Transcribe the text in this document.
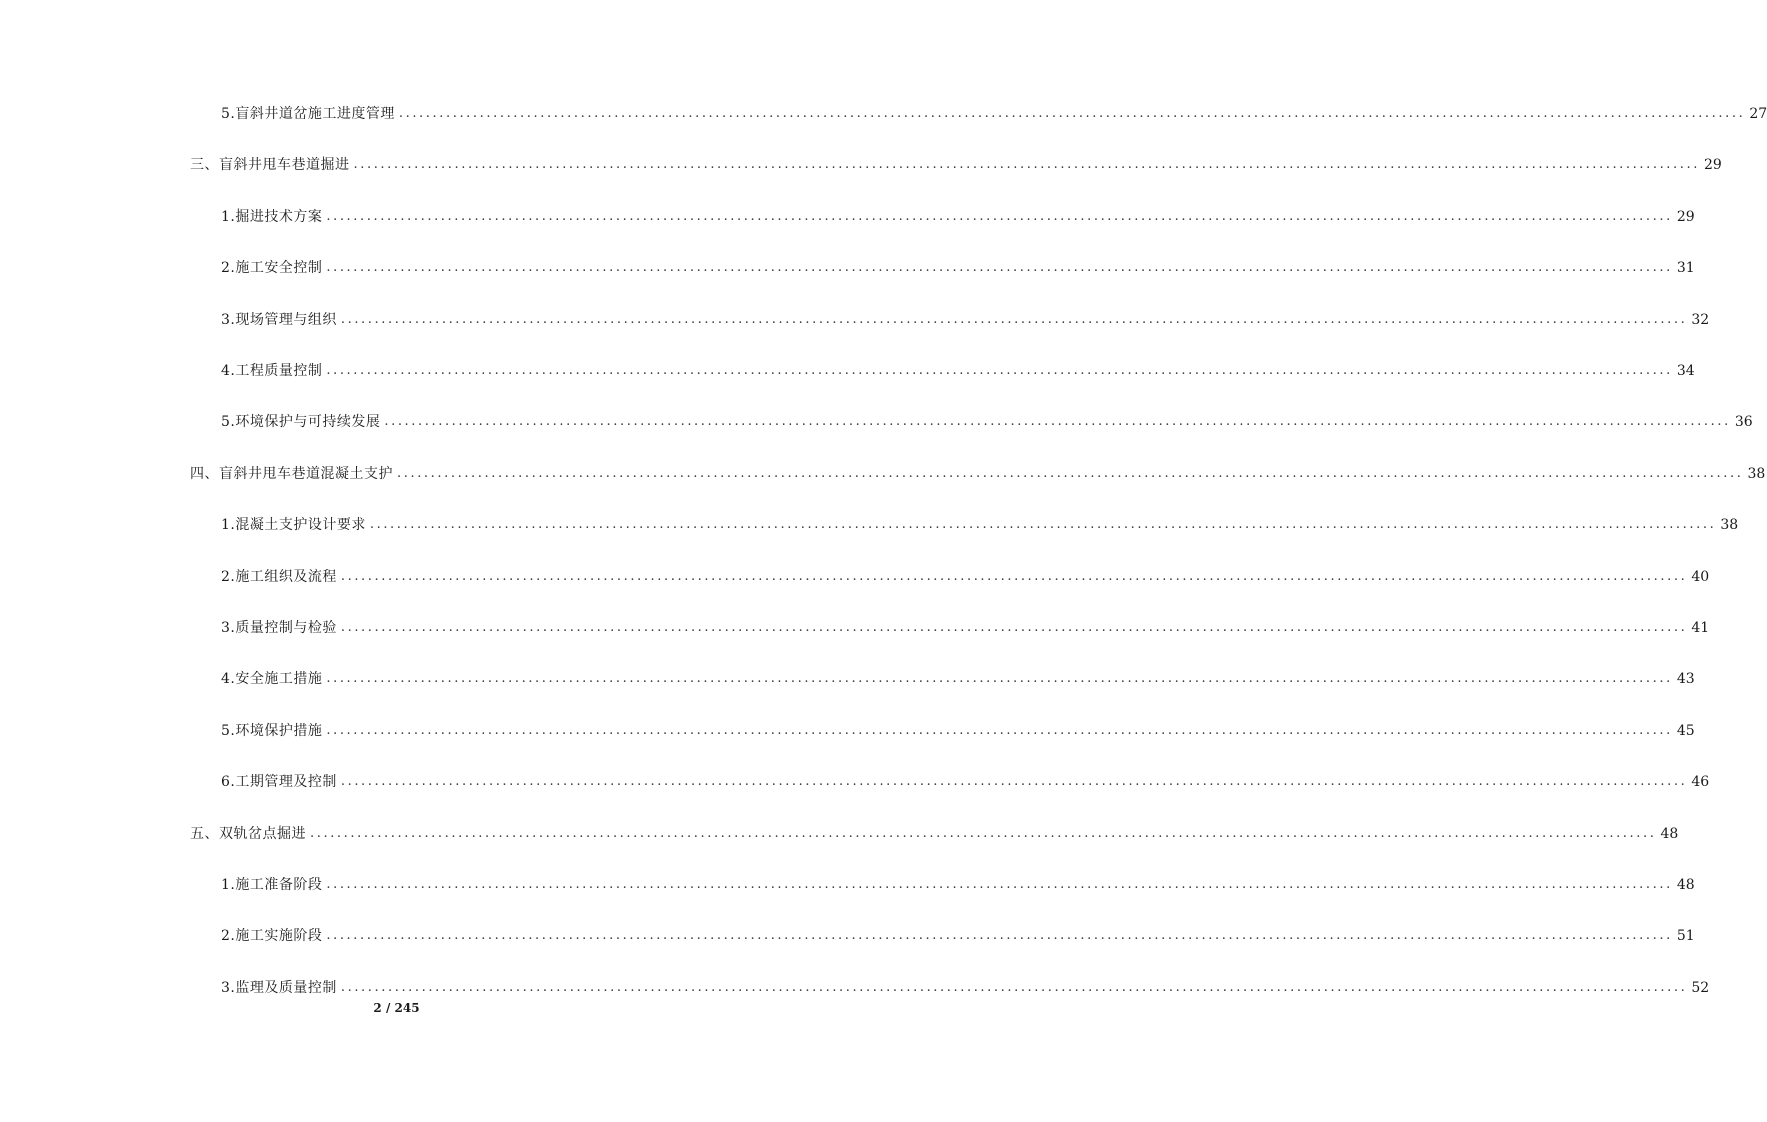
5.盲斜井道岔施工进度管理 ........................................................................................................................................................................................................ 27
三、盲斜井甩车巷道掘进 ........................................................................................................................................................................................................ 29
1.掘进技术方案 ........................................................................................................................................................................................................ 29
2.施工安全控制 ........................................................................................................................................................................................................ 31
3.现场管理与组织 ........................................................................................................................................................................................................ 32
4.工程质量控制 ........................................................................................................................................................................................................ 34
5.环境保护与可持续发展 ........................................................................................................................................................................................................ 36
四、盲斜井甩车巷道混凝土支护 ........................................................................................................................................................................................................ 38
1.混凝土支护设计要求 ........................................................................................................................................................................................................ 38
2.施工组织及流程 ........................................................................................................................................................................................................ 40
3.质量控制与检验 ........................................................................................................................................................................................................ 41
4.安全施工措施 ........................................................................................................................................................................................................ 43
5.环境保护措施 ........................................................................................................................................................................................................ 45
6.工期管理及控制 ........................................................................................................................................................................................................ 46
五、双轨岔点掘进 ........................................................................................................................................................................................................ 48
1.施工准备阶段 ........................................................................................................................................................................................................ 48
2.施工实施阶段 ........................................................................................................................................................................................................ 51
3.监理及质量控制 ........................................................................................................................................................................................................ 52
2 / 245
